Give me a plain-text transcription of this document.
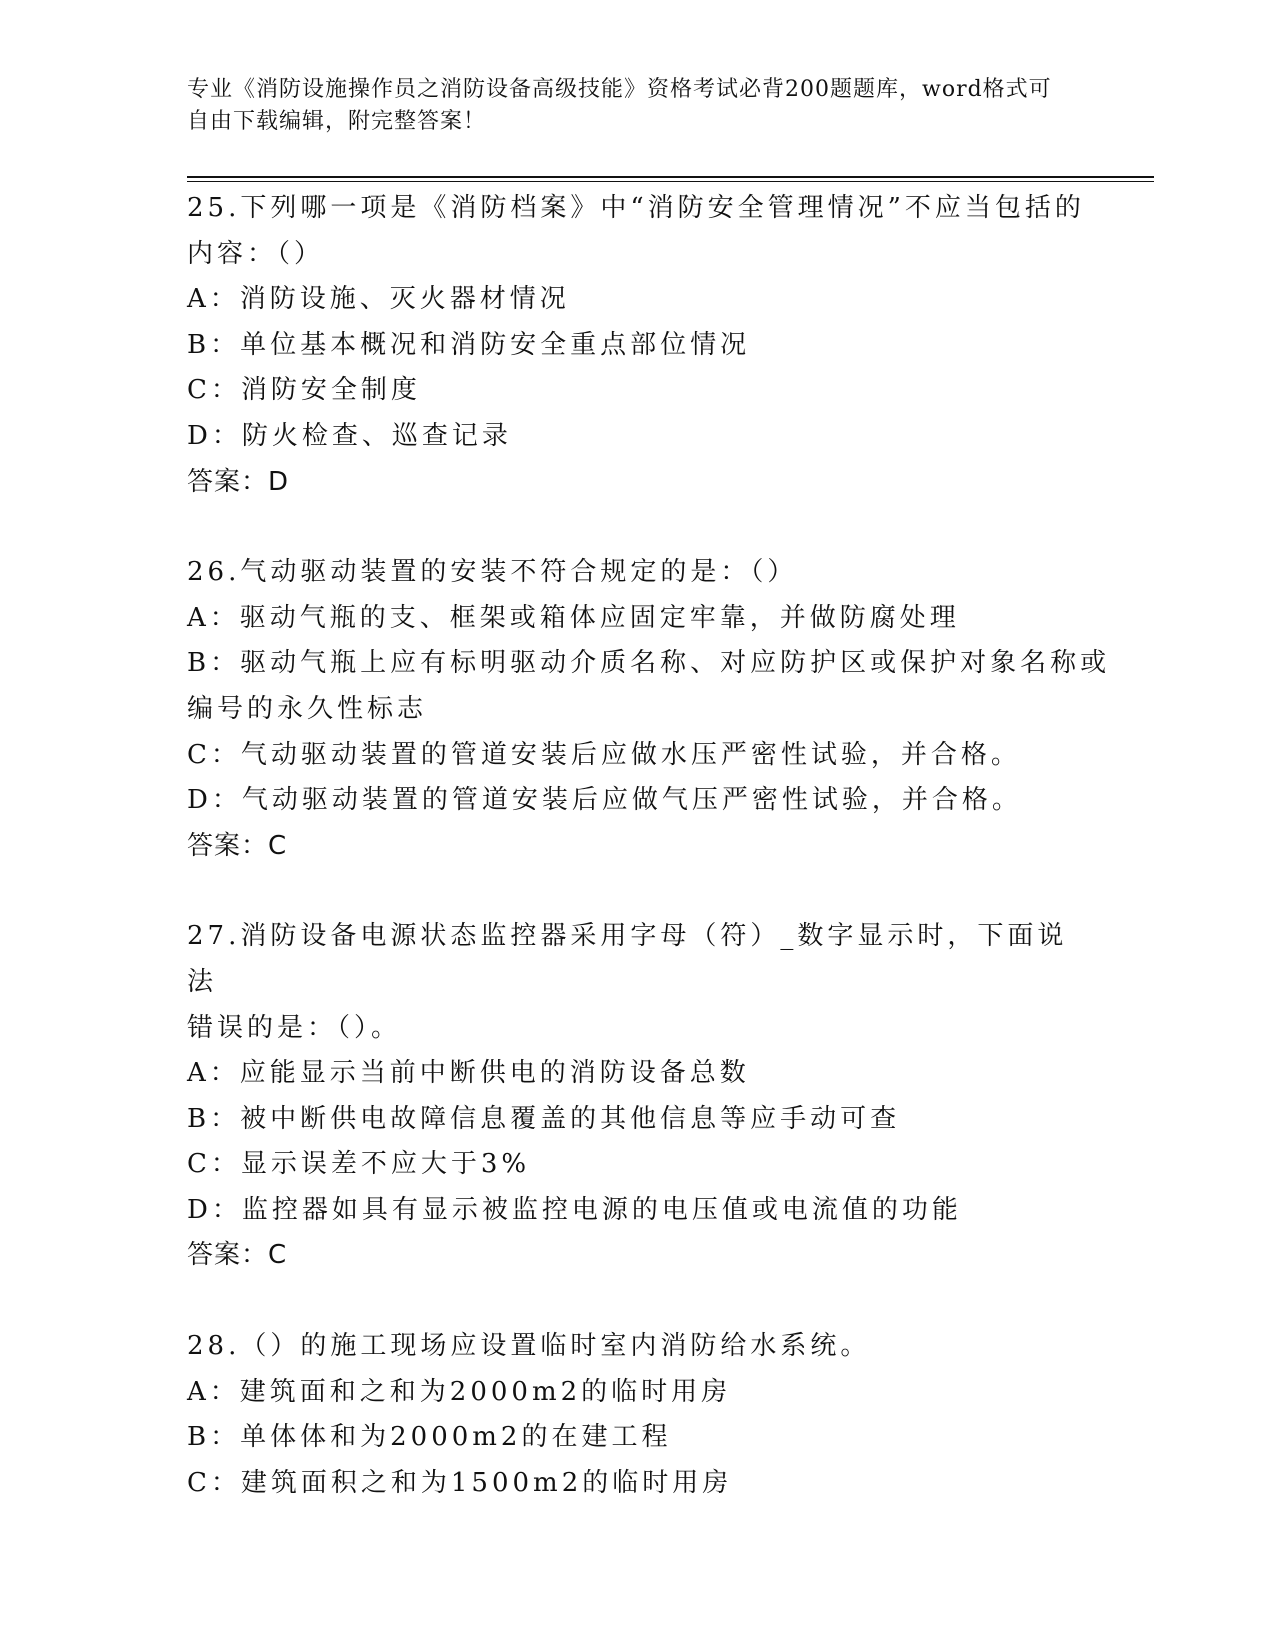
专业《消防设施操作员之消防设备高级技能》资格考试必背200题题库，word格式可自由下载编辑，附完整答案！
25.下列哪一项是《消防档案》中“消防安全管理情况”不应当包括的
内容：（）
A：消防设施、灭火器材情况
B：单位基本概况和消防安全重点部位情况
C：消防安全制度
D：防火检查、巡查记录
答案：D
26.气动驱动装置的安装不符合规定的是：（）
A：驱动气瓶的支、框架或箱体应固定牢靠，并做防腐处理
B：驱动气瓶上应有标明驱动介质名称、对应防护区或保护对象名称或
编号的永久性标志
C：气动驱动装置的管道安装后应做水压严密性试验，并合格。
D：气动驱动装置的管道安装后应做气压严密性试验，并合格。
答案：C
27.消防设备电源状态监控器采用字母（符）_数字显示时，下面说法
错误的是：（）。
A：应能显示当前中断供电的消防设备总数
B：被中断供电故障信息覆盖的其他信息等应手动可查
C：显示误差不应大于3%
D：监控器如具有显示被监控电源的电压值或电流值的功能
答案：C
28.（）的施工现场应设置临时室内消防给水系统。
A：建筑面和之和为2000m2的临时用房
B：单体体和为2000m2的在建工程
C：建筑面积之和为1500m2的临时用房
